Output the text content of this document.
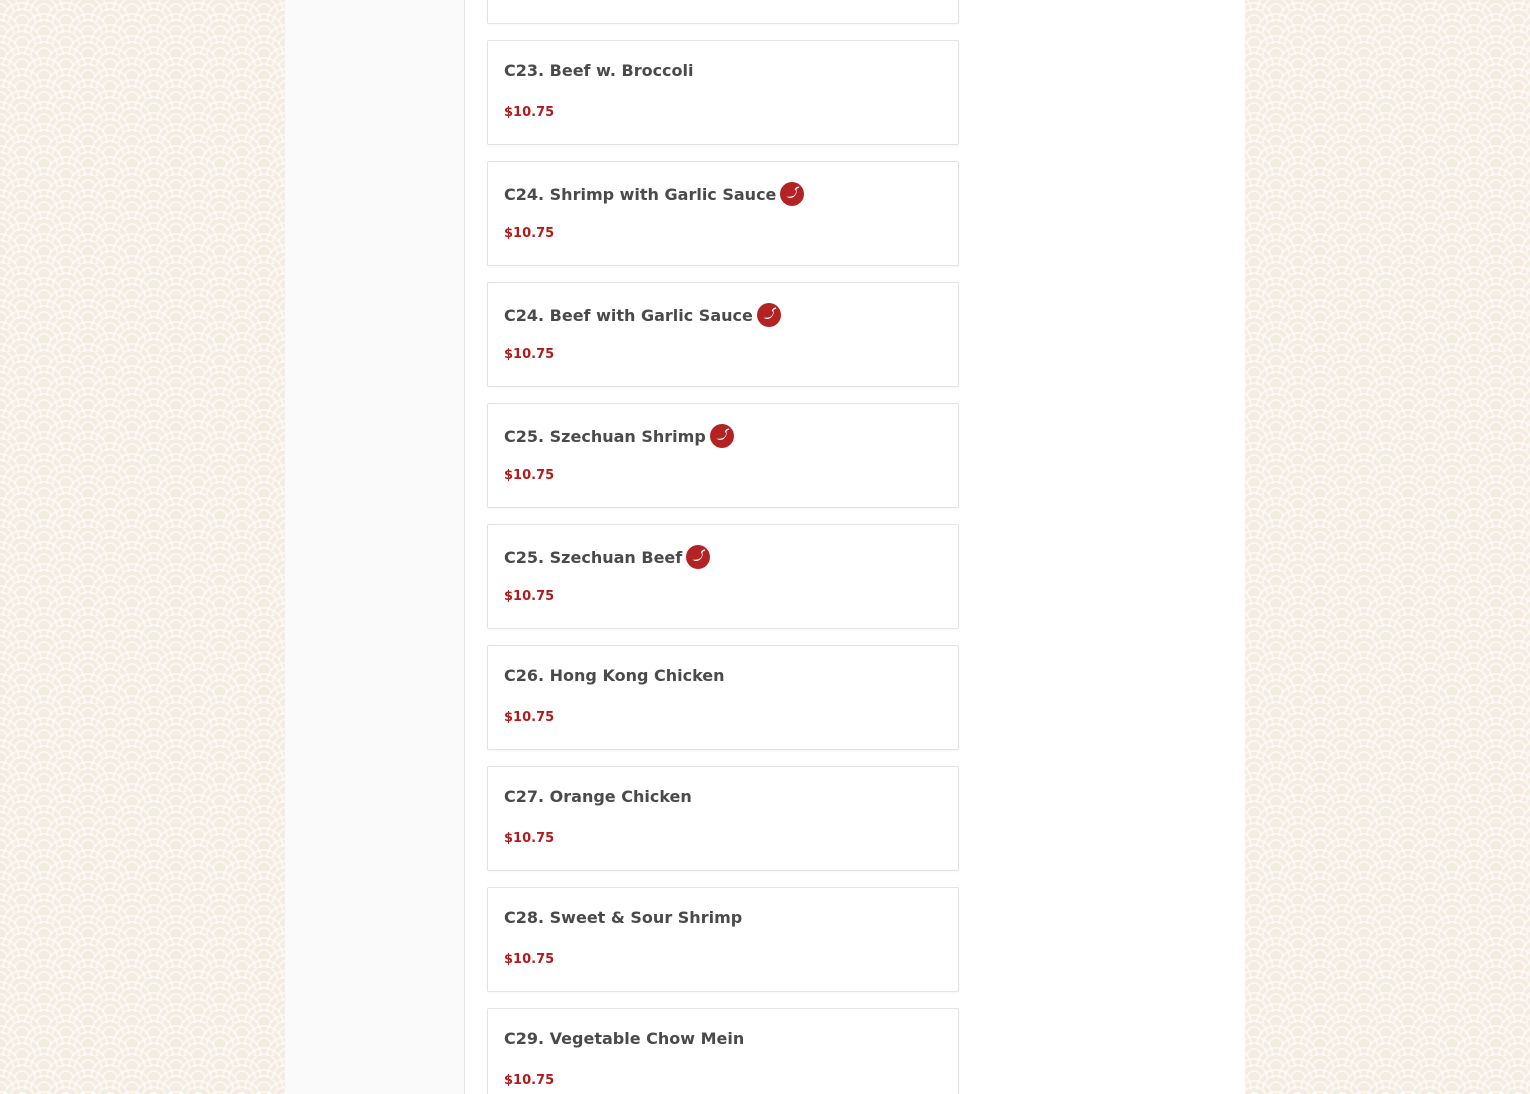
C23. Beef w. Broccoli
$10.75
C24. Shrimp with Garlic Sauce
$10.75
C24. Beef with Garlic Sauce
$10.75
C25. Szechuan Shrimp
$10.75
C25. Szechuan Beef
$10.75
C26. Hong Kong Chicken
$10.75
C27. Orange Chicken
$10.75
C28. Sweet & Sour Shrimp
$10.75
C29. Vegetable Chow Mein
$10.75
